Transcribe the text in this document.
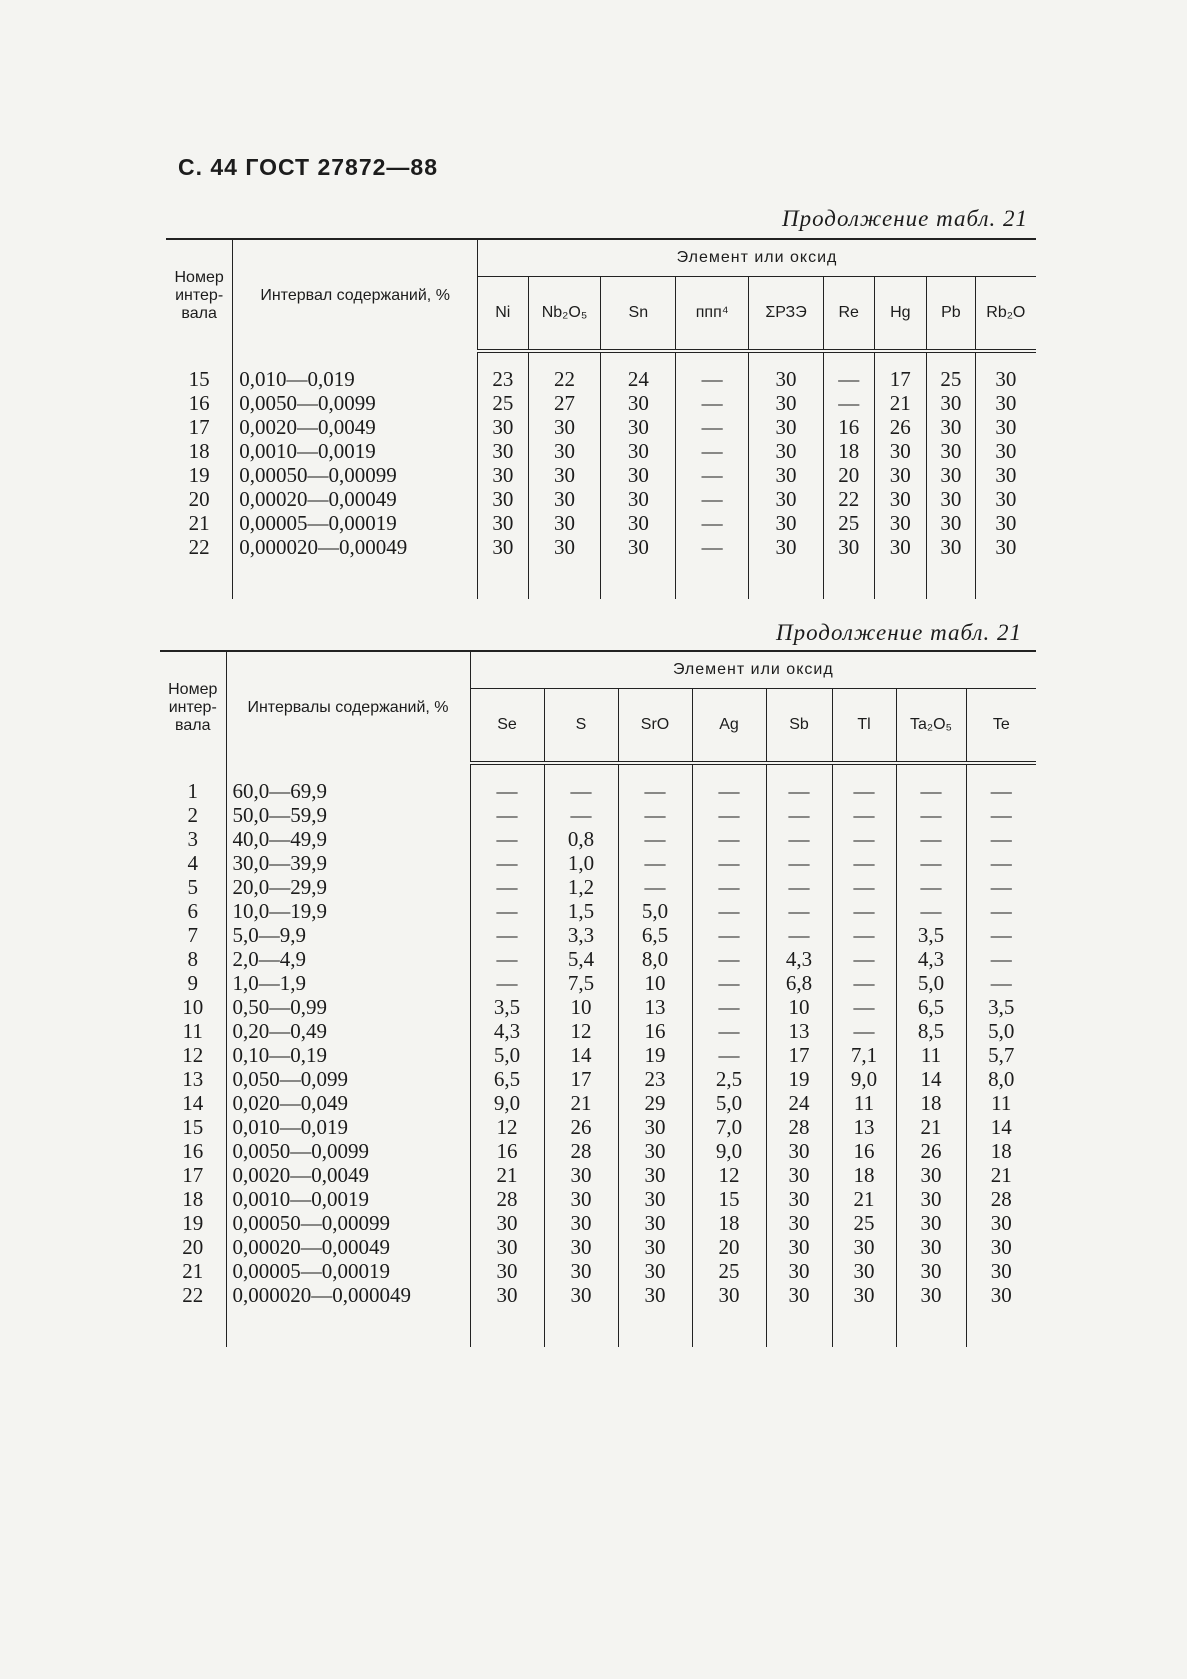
С. 44 ГОСТ 27872—88
Продолжение табл. 21
Номер интер-вала	Интервал содержаний, %	Элемент или оксид								
		Ni	Nb₂O₅	Sn	ппп⁴	ΣРЗЭ	Re	Hg	Pb	Rb₂O

15	0,010—0,019	23	22	24	—	30	—	17	25	30
16	0,0050—0,0099	25	27	30	—	30	—	21	30	30
17	0,0020—0,0049	30	30	30	—	30	16	26	30	30
18	0,0010—0,0019	30	30	30	—	30	18	30	30	30
19	0,00050—0,00099	30	30	30	—	30	20	30	30	30
20	0,00020—0,00049	30	30	30	—	30	22	30	30	30
21	0,00005—0,00019	30	30	30	—	30	25	30	30	30
22	0,000020—0,00049	30	30	30	—	30	30	30	30	30

Продолжение табл. 21
Номер интер-вала	Интервалы содержаний, %	Элемент или оксид							
		Se	S	SrO	Ag	Sb	Tl	Ta₂O₅	Te

1	60,0—69,9	—	—	—	—	—	—	—	—
2	50,0—59,9	—	—	—	—	—	—	—	—
3	40,0—49,9	—	0,8	—	—	—	—	—	—
4	30,0—39,9	—	1,0	—	—	—	—	—	—
5	20,0—29,9	—	1,2	—	—	—	—	—	—
6	10,0—19,9	—	1,5	5,0	—	—	—	—	—
7	5,0—9,9	—	3,3	6,5	—	—	—	3,5	—
8	2,0—4,9	—	5,4	8,0	—	4,3	—	4,3	—
9	1,0—1,9	—	7,5	10	—	6,8	—	5,0	—
10	0,50—0,99	3,5	10	13	—	10	—	6,5	3,5
11	0,20—0,49	4,3	12	16	—	13	—	8,5	5,0
12	0,10—0,19	5,0	14	19	—	17	7,1	11	5,7
13	0,050—0,099	6,5	17	23	2,5	19	9,0	14	8,0
14	0,020—0,049	9,0	21	29	5,0	24	11	18	11
15	0,010—0,019	12	26	30	7,0	28	13	21	14
16	0,0050—0,0099	16	28	30	9,0	30	16	26	18
17	0,0020—0,0049	21	30	30	12	30	18	30	21
18	0,0010—0,0019	28	30	30	15	30	21	30	28
19	0,00050—0,00099	30	30	30	18	30	25	30	30
20	0,00020—0,00049	30	30	30	20	30	30	30	30
21	0,00005—0,00019	30	30	30	25	30	30	30	30
22	0,000020—0,000049	30	30	30	30	30	30	30	30
